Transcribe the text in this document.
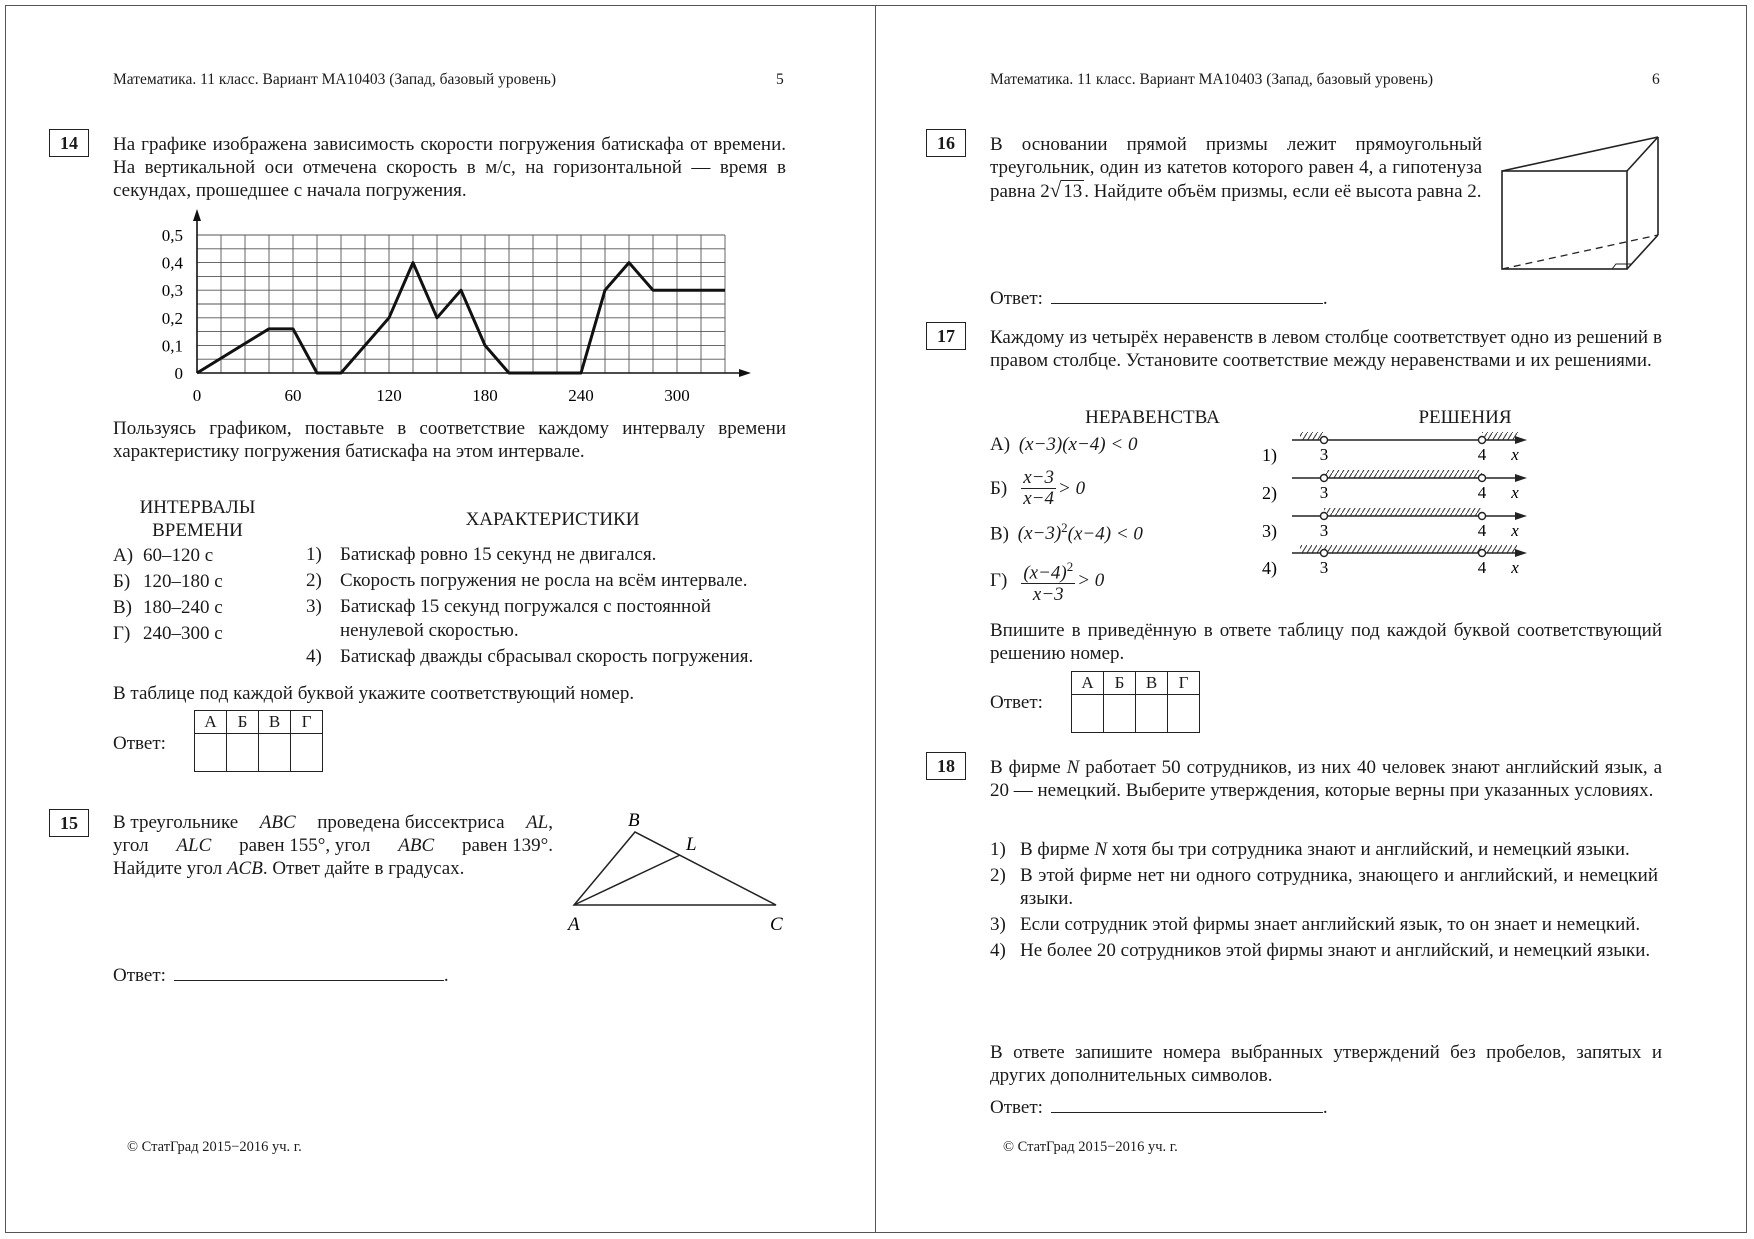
Математика. 11 класс. Вариант МА10403 (Запад, базовый уровень)	5
14	На графике изображена зависимость скорости погружения батискафа от времени. На вертикальной оси отмечена скорость в м/с, на горизонтальной — время в секундах, прошедшее с начала погружения.
0	60	120	180	240	300
0
0,1
0,2
0,3
0,4
0,5
Пользуясь графиком, поставьте в соответствие каждому интервалу времени характеристику погружения батискафа на этом интервале.
ИНТЕРВАЛЫ
ВРЕМЕНИ
ХАРАКТЕРИСТИКИ
А) 60–120 с
Б) 120–180 с
В) 180–240 с
Г) 240–300 с
1) Батискаф ровно 15 секунд не двигался.
2) Скорость погружения не росла на всём интервале.
3) Батискаф 15 секунд погружался с постоянной ненулевой скоростью.
4) Батискаф дважды сбрасывал скорость погружения.
В таблице под каждой буквой укажите соответствующий номер.
Ответ:
А	Б	В	Г

15	В треугольнике ABC проведена биссектриса AL,
угол ALC равен 155°, угол ABC равен 139°.
Найдите угол ACB. Ответ дайте в градусах.
B
L
A	C
Ответ:	.
© СтатГрад 2015−2016 уч. г.
Математика. 11 класс. Вариант МА10403 (Запад, базовый уровень)	6
16	В основании прямой призмы лежит прямоугольный треугольник, один из катетов которого равен 4, а гипотенуза равна 2√ 13 . Найдите объём призмы, если её высота равна 2.
Ответ:	.
17	Каждому из четырёх неравенств в левом столбце соответствует одно из решений в правом столбце. Установите соответствие между неравенствами и их решениями.
НЕРАВЕНСТВА	РЕШЕНИЯ
А) (x−3)(x−4) < 0
Б) x−3
x−4 > 0
В) $(x-3)^2(x-4) < 0$
Г) $(x-4)^2$
x−3
> 0
1)	3	4 x
2)	3	4 x
3)	3	4 x
4)	3	4 x
Впишите в приведённую в ответе таблицу под каждой буквой соответствующий решению номер.
Ответ:
А	Б	В	Г

18	В фирме N работает 50 сотрудников, из них 40 человек знают английский язык, а 20 — немецкий. Выберите утверждения, которые верны при указанных условиях.
1) В фирме N хотя бы три сотрудника знают и английский, и немецкий языки.
2) В этой фирме нет ни одного сотрудника, знающего и английский, и немецкий языки.
3) Если сотрудник этой фирмы знает английский язык, то он знает и немецкий.
4) Не более 20 сотрудников этой фирмы знают и английский, и немецкий языки.
В ответе запишите номера выбранных утверждений без пробелов, запятых и других дополнительных символов.
Ответ:	.
© СтатГрад 2015−2016 уч. г.
